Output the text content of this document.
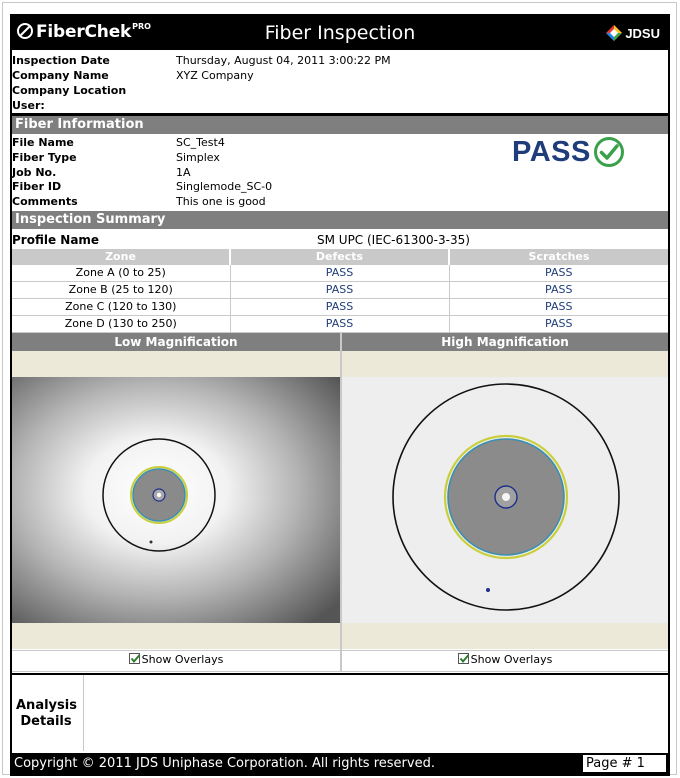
FiberChek PRO	Fiber Inspection	JDSU
Inspection Date	Thursday, August 04, 2011 3:00:22 PM
Company Name	XYZ Company
Company Location
User:
Fiber Information
File Name	SC_Test4
Fiber Type	Simplex
Job No.	1A
Fiber ID	Singlemode_SC-0
Comments	This one is good
PASS
Inspection Summary
Profile Name	SM UPC (IEC-61300-3-35)
Zone	Defects	Scratches
Zone A (0 to 25)	PASS	PASS
Zone B (25 to 120)	PASS	PASS
Zone C (120 to 130)	PASS	PASS
Zone D (130 to 250)	PASS	PASS
Low Magnification
Show Overlays
High Magnification
Show Overlays
Analysis Details
Copyright © 2011 JDS Uniphase Corporation. All rights reserved.	Page # 1
